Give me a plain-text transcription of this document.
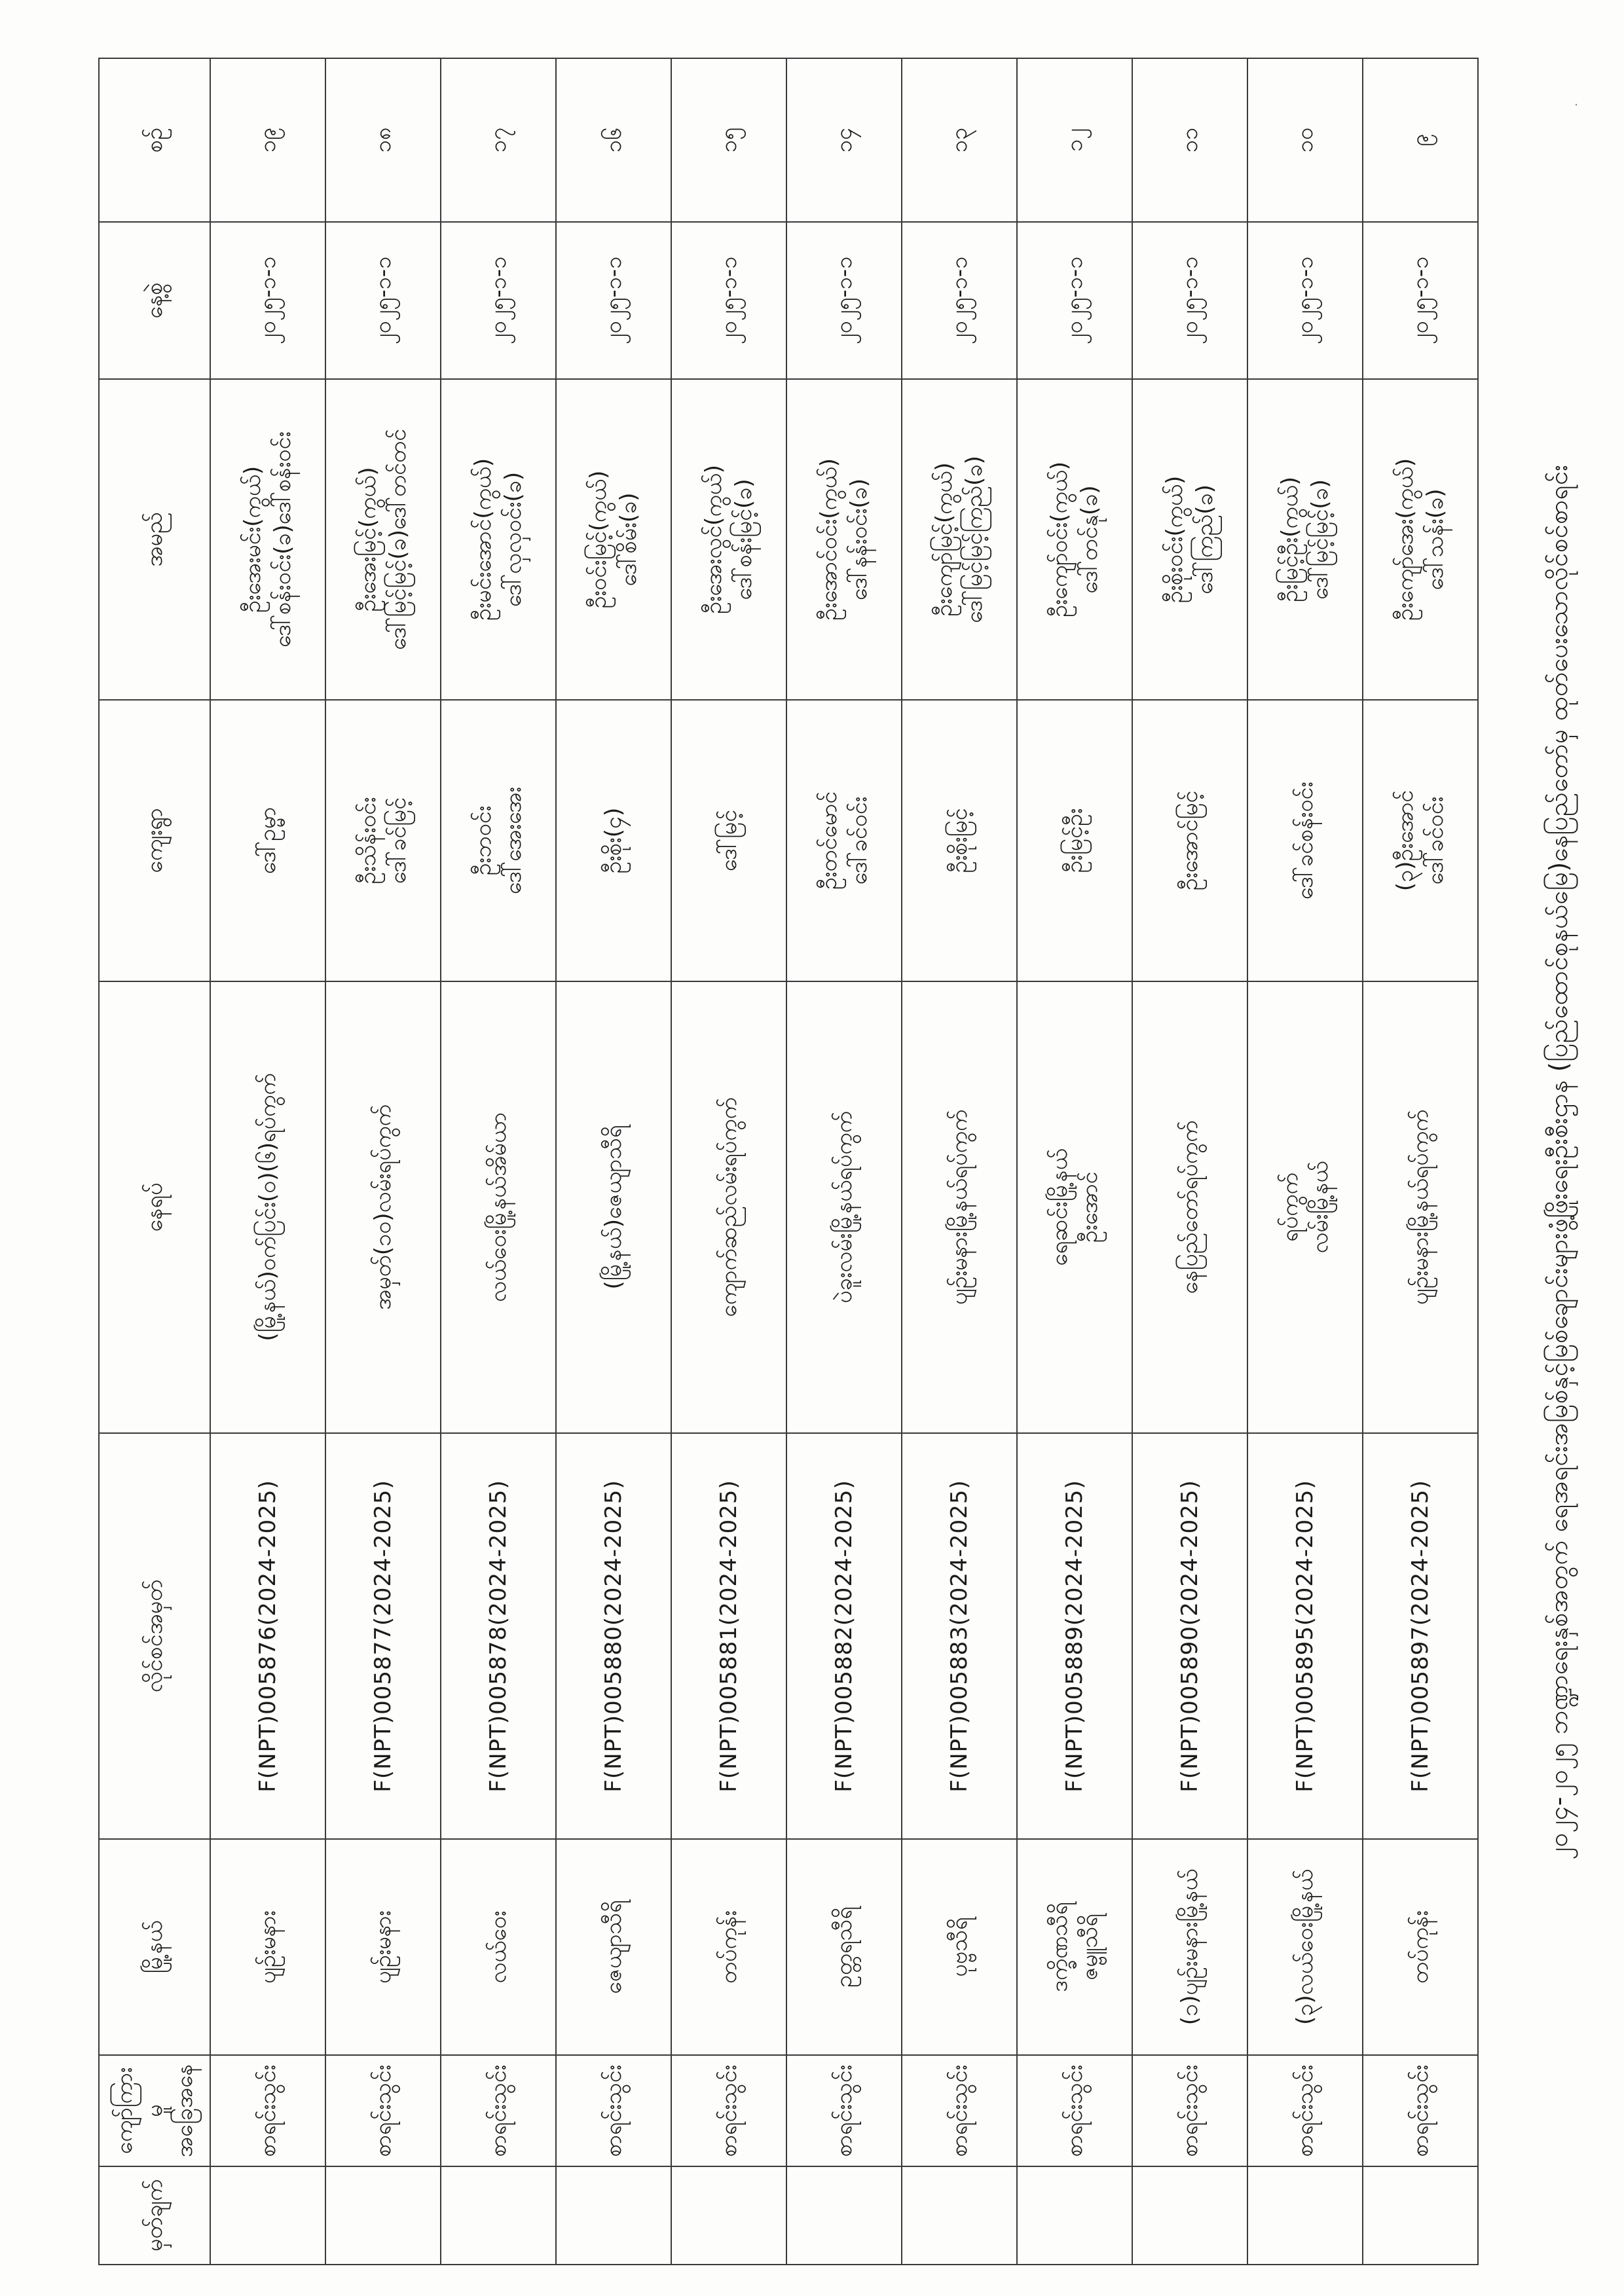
·
၂၀၂၄-၂၀၂၅ ဘဏ္ဍာရေးနှစ်အတွက် ရေအရင်းအမြစ်နှင့်မြစ်ချောင်းများဖွံ့ဖြိုးရေးဦးစီးဌာန (ပြည်ထောင်စုနယ်မြေ)နေပြည်တော်မှ ထုတ်ပေးသောလိုင်စင်စာရင်း
မှတ်ချက်	ကျော်ကြားမှု အခြေအနေ	မြို့နယ်	လိုင်စင်အမှတ်	နေရပ်	ကျေးရွာ	အမည်	နေ့စွဲ	စဉ်
	စာရင်းသွင်း	ပျဉ်းမနား	F(NPT)005876(2024-2025)	(မြို့နယ်)ဝက်ပြင်း(ဝ)(၆)ရပ်ကွက်	ဒေါ်ဥမ္မာ	ဦးအေးမင်း(ကွယ်)
ဒေါ်စန်းဝင်း(ခ)ဒေါ်စန်းဝင်း	၂၀၂၅-၁-၁	၁၉
	စာရင်းသွင်း	ပျဉ်းမနား	F(NPT)005877(2024-2025)	အမှတ်(၁၀)လမ်းရပ်ကွက်	ဦးသိန်းဝင်း
ဒေါ်ခင်မြင့်	ဦးအေးမြင့်(ကွယ်)
ဒေါ်မြင့်မြင့်(ခ)ဒေါ်တင်တင်	၂၀၂၅-၁-၁	၁၈
	စာရင်းသွင်း	လယ်ဝေး	F(NPT)005878(2024-2025)	လယ်ဝေးမြို့နယ်အိမ်ယာ	ဦးဘဝင်း
ဒေါ်အေးအေး	ဦးမင်းအောင်(ကွယ်)
ဒေါ်လှလှဝင်း(ခ)	၂၀၂၅-၁-၁	၁၇
	စာရင်းသွင်း	ဇေယျာသီရိ	F(NPT)005880(2024-2025)	(မြို့နယ်)ဇေယျာသီရိ	ဦးစိုး(၄)	ဦးဝင်းမြင့်(ကွယ်)
ဒေါ်စိမ်း(ခ)	၂၀၂၅-၁-၁	၁၆
	စာရင်းသွင်း	တပ်ကုန်း	F(NPT)005881(2024-2025)	ကျောက်ဆည်လမ်းရပ်ကွက်	ဒေါ်မြင့်	ဦးအေးလွင်(ကွယ်)
ဒေါ်စန်းမြင့်(ခ)	၂၀၂၅-၁-၁	၁၅
	စာရင်းသွင်း	ဥတ္တရသီရိ	F(NPT)005882(2024-2025)	ပဲခူးလမ်းမြို့နယ်ရပ်ကွက်	ဦးတင်မောင်
ဒေါ်ခင်ဝင်း	ဦးအောင်ဝင်း(ကွယ်)
ဒေါ်နန်းဝင်း(ခ)	၂၀၂၅-၁-၁	၁၄
	စာရင်းသွင်း	ပုဗ္ဗသီရိ	F(NPT)005883(2024-2025)	ပျဉ်းမနားမြို့နယ်ရပ်ကွက်	ဦးစိုးမြင့်	ဦးကျော်မြင့်(ကွယ်)
ဒေါ်မြင့်မြင့်ကြည်(ခ)	၂၀၂၅-၁-၁	၁၃
	စာရင်းသွင်း	ဒက္ခိဏသီရိ
ဇမ္ဗူသီရိ	F(NPT)005889(2024-2025)	ရေဆင်းမြို့နယ်
ဦးအောင်	ဦးမြင့်ဦး	ဦးကျော်ဝင်း(ကွယ်)
ဒေါ်တင်နု(ခ)	၂၀၂၅-၁-၁	၁၂
	စာရင်းသွင်း	(၁)ပျဉ်းမနားမြို့နယ်	F(NPT)005890(2024-2025)	နေပြည်တော်ရပ်ကွက်	ဦးအောင်မြင့်	ဦးစိုးဝင်း(ကွယ်)
ဒေါ်ကြည်(ခ)	၂၀၂၅-၁-၁	၁၁
	စာရင်းသွင်း	(၃)လယ်ဝေးမြို့နယ်	F(NPT)005895(2024-2025)	ရပ်ကွက်
လမ်းမြို့နယ်	ဒေါ်ခင်စန်းဝင်း	ဦးမြင့်ဦး(ကွယ်)
ဒေါ်မြင့်မြင့်(ခ)	၂၀၂၅-၁-၁	၁၀
	စာရင်းသွင်း	တပ်ကုန်း	F(NPT)005897(2024-2025)	ပျဉ်းမနားမြို့နယ်ရပ်ကွက်	(၃)ဦးအောင်
ဒေါ်ခင်ဝင်း	ဦးကျော်အေး(ကွယ်)
ဒေါ်သန်း(ခ)	၂၀၂၅-၁-၁	၉
